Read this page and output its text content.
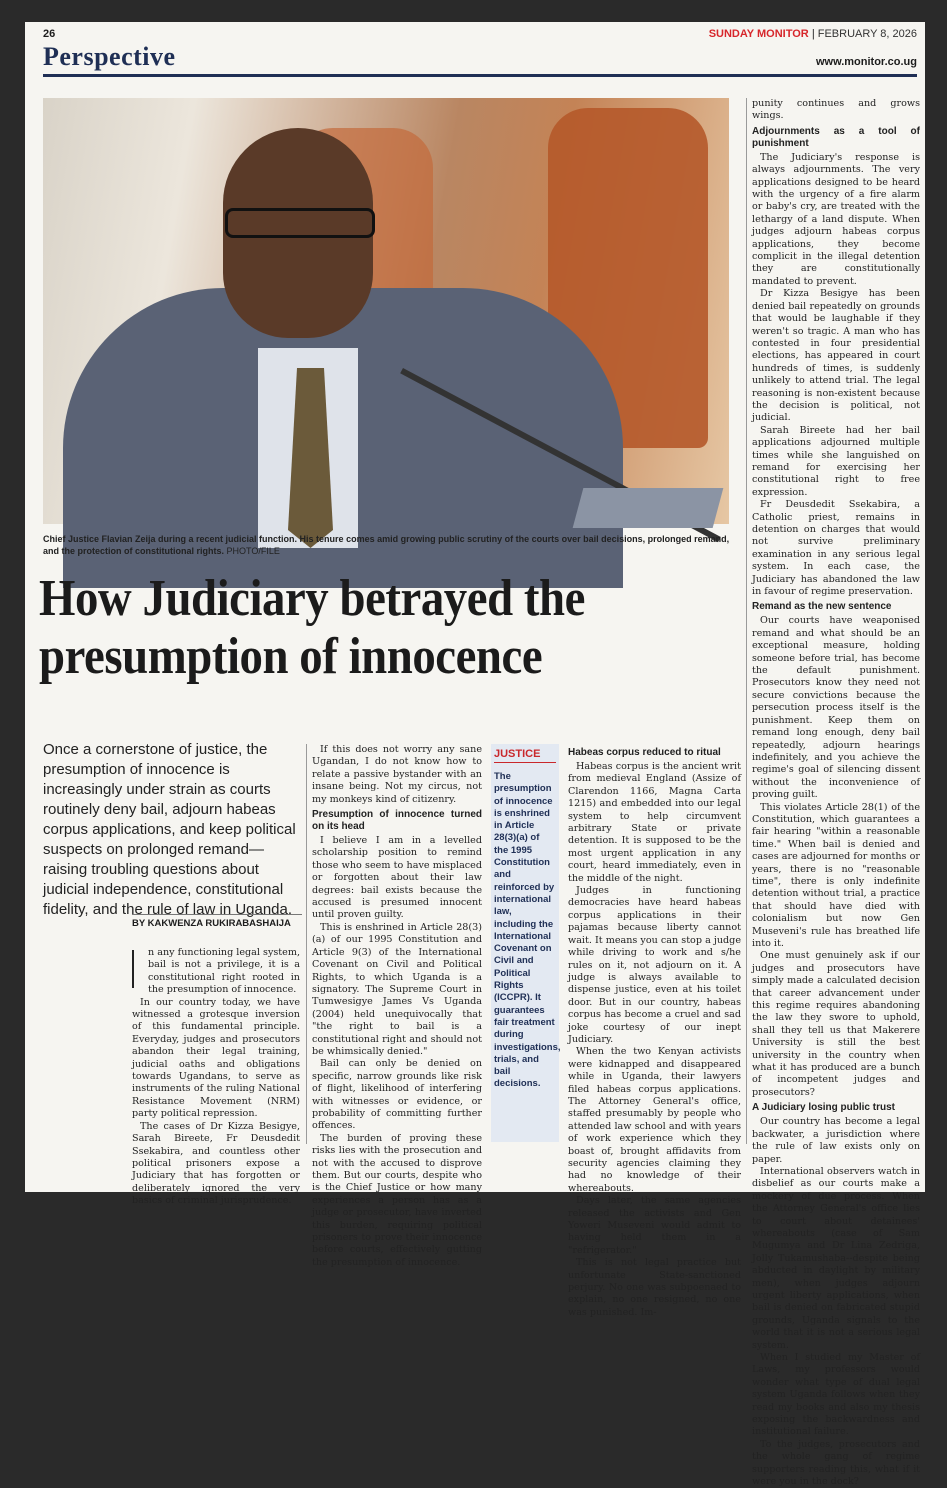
26
Perspective
SUNDAY MONITOR | FEBRUARY 8, 2026
www.monitor.co.ug
Chief Justice Flavian Zeija during a recent judicial function. His tenure comes amid growing public scrutiny of the courts over bail decisions, prolonged remand, and the protection of constitutional rights. PHOTO/FILE
How Judiciary betrayed the presumption of innocence
Once a cornerstone of justice, the presumption of innocence is increasingly under strain as courts routinely deny bail, adjourn habeas corpus applications, and keep political suspects on prolonged remand—raising troubling questions about judicial independence, constitutional fidelity, and the rule of law in Uganda.
BY KAKWENZA RUKIRABASHAIJA

n any functioning legal system, bail is not a privilege, it is a constitutional right rooted in the presumption of innocence.

In our country today, we have witnessed a grotesque inversion of this fundamental principle. Everyday, judges and prosecutors abandon their legal training, judicial oaths and obligations towards Ugandans, to serve as instruments of the ruling National Resistance Movement (NRM) party political repression.

The cases of Dr Kizza Besigye, Sarah Bireete, Fr Deusdedit Ssekabira, and countless other political prisoners expose a Judiciary that has forgotten or deliberately ignored the very basics of criminal jurisprudence.

If this does not worry any sane Ugandan, I do not know how to relate a passive bystander with an insane being. Not my circus, not my monkeys kind of citizenry.

Presumption of innocence turned on its head

I believe I am in a levelled scholarship position to remind those who seem to have misplaced or forgotten about their law degrees: bail exists because the accused is presumed innocent until proven guilty.

This is enshrined in Article 28(3)(a) of our 1995 Constitution and Article 9(3) of the International Covenant on Civil and Political Rights, to which Uganda is a signatory. The Supreme Court in Tumwesigye James Vs Uganda (2004) held unequivocally that "the right to bail is a constitutional right and should not be whimsically denied."

Bail can only be denied on specific, narrow grounds like risk of flight, likelihood of interfering with witnesses or evidence, or probability of committing further offences.

The burden of proving these risks lies with the prosecution and not with the accused to disprove them. But our courts, despite who is the Chief Justice or how many experiences a person has as a judge or prosecutor, have inverted this burden, requiring political prisoners to prove their innocence before courts, effectively gutting the presumption of innocence.

JUSTICE
The presumption of innocence is enshrined in Article 28(3)(a) of the 1995 Constitution and reinforced by international law, including the International Covenant on Civil and Political Rights (ICCPR). It guarantees fair treatment during investigations, trials, and bail decisions.
Habeas corpus reduced to ritual

Habeas corpus is the ancient writ from medieval England (Assize of Clarendon 1166, Magna Carta 1215) and embedded into our legal system to help circumvent arbitrary State or private detention. It is supposed to be the most urgent application in any court, heard immediately, even in the middle of the night.

Judges in functioning democracies have heard habeas corpus applications in their pajamas because liberty cannot wait. It means you can stop a judge while driving to work and s/he rules on it, not adjourn on it. A judge is always available to dispense justice, even at his toilet door. But in our country, habeas corpus has become a cruel and sad joke courtesy of our inept Judiciary.

When the two Kenyan activists were kidnapped and disappeared while in Uganda, their lawyers filed habeas corpus applications. The Attorney General's office, staffed presumably by people who attended law school and with years of work experience which they boast of, brought affidavits from security agencies claiming they had no knowledge of their whereabouts.

Days later, the same agencies released the activists and Gen Yoweri Museveni would admit to having held them in a "refrigerator."

This is not legal practice but unfortunate State-sanctioned perjury. No one was subpoenaed to explain, no one resigned, no one was punished. Im-

punity continues and grows wings.

Adjournments as a tool of punishment

The Judiciary's response is always adjournments. The very applications designed to be heard with the urgency of a fire alarm or baby's cry, are treated with the lethargy of a land dispute. When judges adjourn habeas corpus applications, they become complicit in the illegal detention they are constitutionally mandated to prevent.

Dr Kizza Besigye has been denied bail repeatedly on grounds that would be laughable if they weren't so tragic. A man who has contested in four presidential elections, has appeared in court hundreds of times, is suddenly unlikely to attend trial. The legal reasoning is non-existent because the decision is political, not judicial.

Sarah Bireete had her bail applications adjourned multiple times while she languished on remand for exercising her constitutional right to free expression.

Fr Deusdedit Ssekabira, a Catholic priest, remains in detention on charges that would not survive preliminary examination in any serious legal system. In each case, the Judiciary has abandoned the law in favour of regime preservation.

Remand as the new sentence

Our courts have weaponised remand and what should be an exceptional measure, holding someone before trial, has become the default punishment. Prosecutors know they need not secure convictions because the persecution process itself is the punishment. Keep them on remand long enough, deny bail repeatedly, adjourn hearings indefinitely, and you achieve the regime's goal of silencing dissent without the inconvenience of proving guilt.

This violates Article 28(1) of the Constitution, which guarantees a fair hearing "within a reasonable time." When bail is denied and cases are adjourned for months or years, there is no "reasonable time", there is only indefinite detention without trial, a practice that should have died with colonialism but now Gen Museveni's rule has breathed life into it.

One must genuinely ask if our judges and prosecutors have simply made a calculated decision that career advancement under this regime requires abandoning the law they swore to uphold, shall they tell us that Makerere University is still the best university in the country when what it has produced are a bunch of incompetent judges and prosecutors?

A Judiciary losing public trust

Our country has become a legal backwater, a jurisdiction where the rule of law exists only on paper.

International observers watch in disbelief as our courts make a mockery of due process. When the Attorney General's office lies to court about detainees' whereabouts (case of Sam Mugumya and Dr Lina Zedriga, Jolly Tukamushaba--despite being abducted in daylight by military men), when judges adjourn urgent liberty applications, when bail is denied on fabricated stupid grounds, Uganda signals to the world that it is not a serious legal system.

When I studied my Master of Laws, my professors would wonder what type of dual legal system Uganda follows when they read my books and also my thesis exposing the backwardness and institutional failure.

To the judges, prosecutors and the whole gang of regime supporters reading this, what if it were you in the dock?
